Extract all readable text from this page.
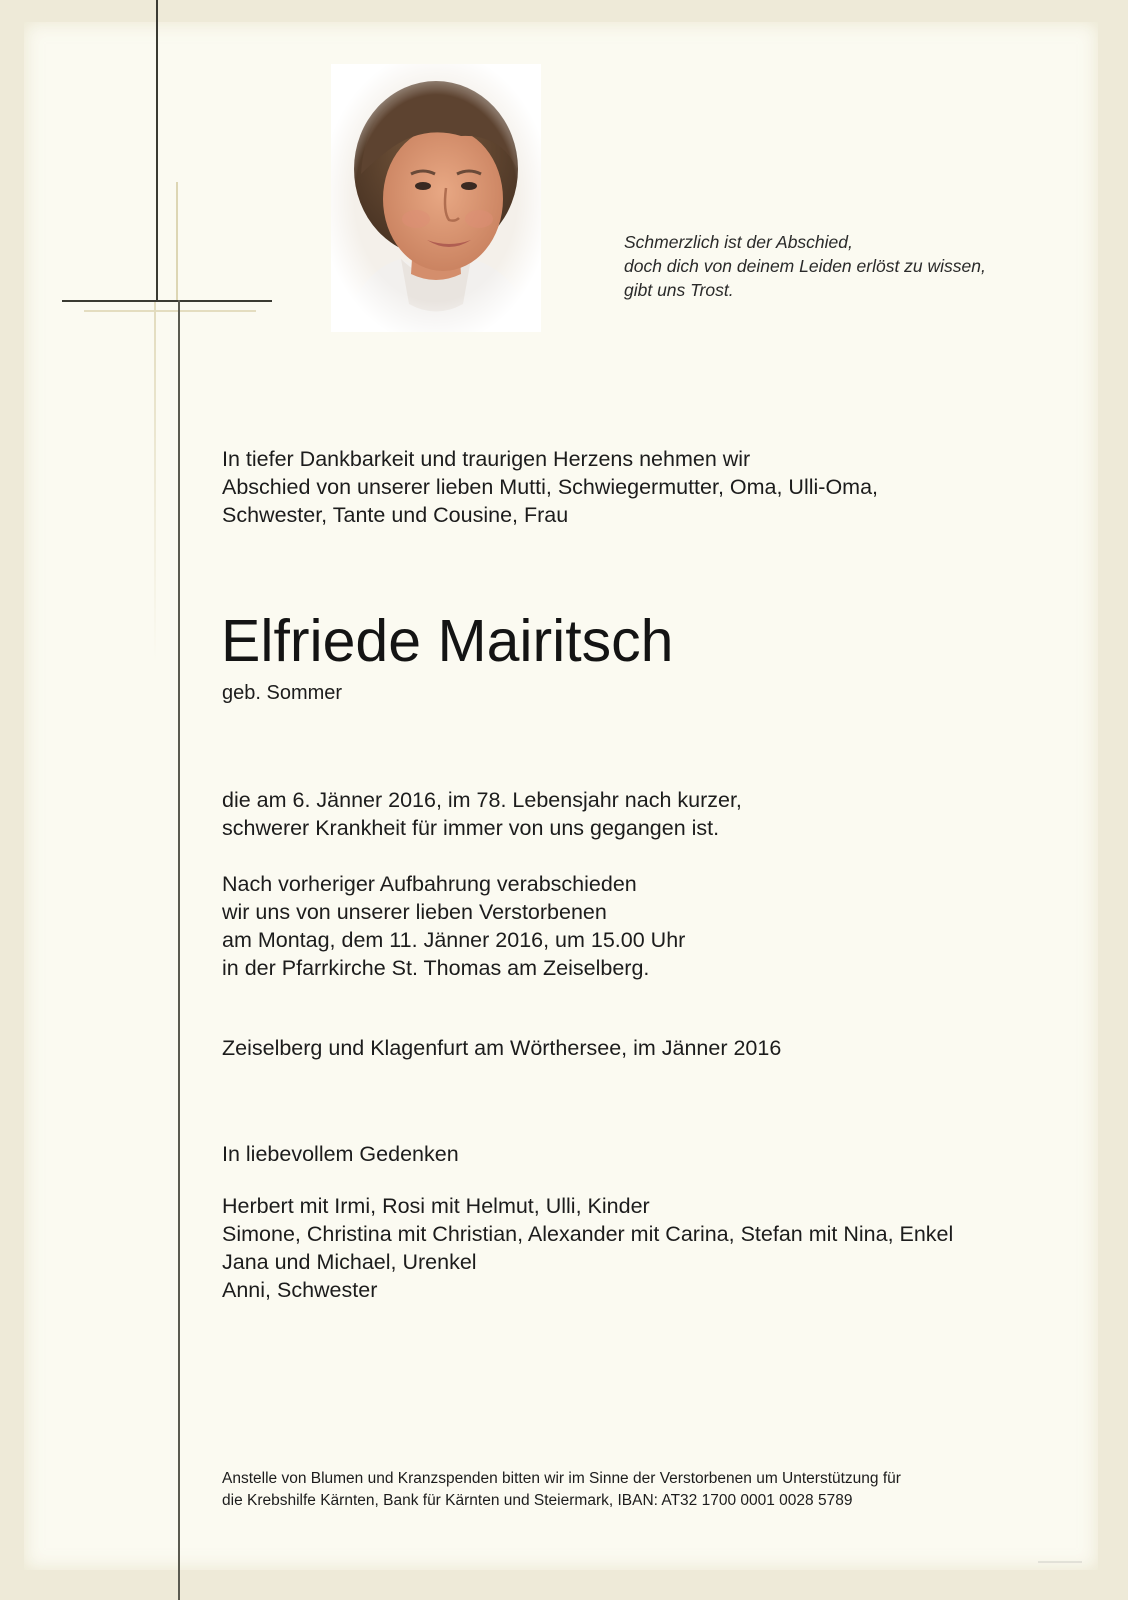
Schmerzlich ist der Abschied,
doch dich von deinem Leiden erlöst zu wissen,
gibt uns Trost.

In tiefer Dankbarkeit und traurigen Herzens nehmen wir
Abschied von unserer lieben Mutti, Schwiegermutter, Oma, Ulli-Oma,
Schwester, Tante und Cousine, Frau

Elfriede Mairitsch

geb. Sommer

die am 6. Jänner 2016, im 78. Lebensjahr nach kurzer,
schwerer Krankheit für immer von uns gegangen ist.

Nach vorheriger Aufbahrung verabschieden
wir uns von unserer lieben Verstorbenen
am Montag, dem 11. Jänner 2016, um 15.00 Uhr
in der Pfarrkirche St. Thomas am Zeiselberg.

Zeiselberg und Klagenfurt am Wörthersee, im Jänner 2016

In liebevollem Gedenken

Herbert mit Irmi, Rosi mit Helmut, Ulli, Kinder
Simone, Christina mit Christian, Alexander mit Carina, Stefan mit Nina, Enkel
Jana und Michael, Urenkel
Anni, Schwester

Anstelle von Blumen und Kranzspenden bitten wir im Sinne der Verstorbenen um Unterstützung für
die Krebshilfe Kärnten, Bank für Kärnten und Steiermark, IBAN: AT32 1700 0001 0028 5789
